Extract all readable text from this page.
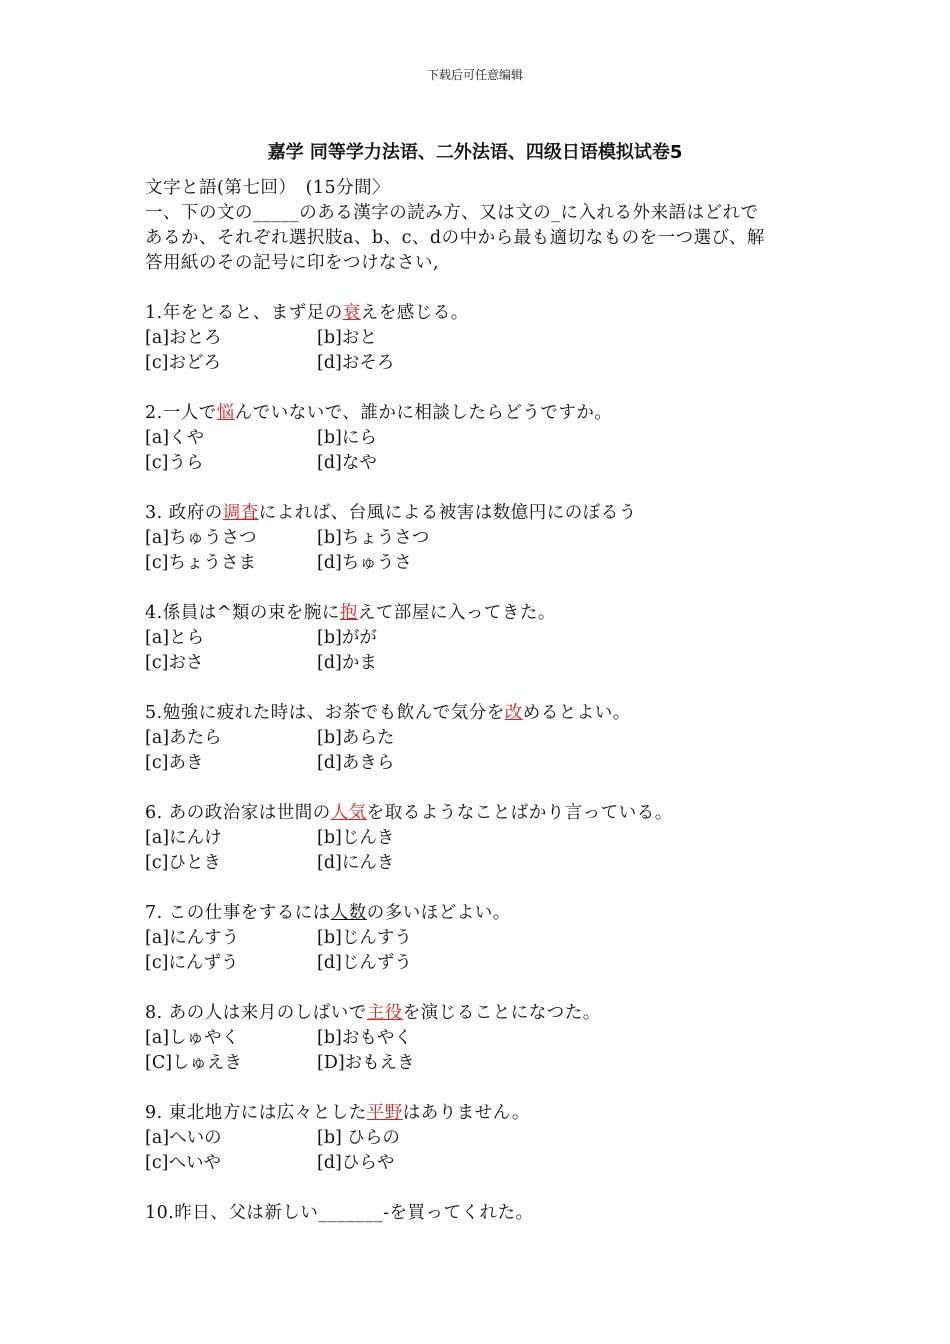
下载后可任意编辑
嘉学 同等学力法语、二外法语、四级日语模拟试卷5
文字と語(第七回）　(15分間〉
一、下の文の_____のある漢字の読み方、又は文の_に入れる外来語はどれで
あるか、それぞれ選択肢a、b、c、dの中から最も適切なものを一つ選び、解
答用紙のその記号に印をつけなさい,
1.年をとると、まず足の衰えを感じる。
[a]おとろ	[b]おと
[c]おどろ	[d]おそろ
2.一人で悩んでいないで、誰かに相談したらどうですか。
[a]くや	[b]にら
[c]うら	[d]なや
3. 政府の调査によれば、台風による被害は数億円にのぼるう
[a]ちゅうさつ	[b]ちょうさつ
[c]ちょうさま	[d]ちゅうさ
4.係員は^類の束を腕に抱えて部屋に入ってきた。
[a]とら	[b]がが
[c]おさ	[d]かま
5.勉強に疲れた時は、お茶でも飲んで気分を改めるとよい。
[a]あたら	[b]あらた
[c]あき	[d]あきら
6. あの政治家は世間の人気を取るようなことばかり言っている。
[a]にんけ	[b]じんき
[c]ひとき	[d]にんき
7. この仕事をするには人数の多いほどよい。
[a]にんすう	[b]じんすう
[c]にんずう	[d]じんずう
8. あの人は来月のしばいで主役を演じることになつた。
[a]しゅやく	[b]おもやく
[C]しゅえき	[D]おもえき
9. 東北地方には広々とした平野はありません。
[a]へいの	[b] ひらの
[c]へいや	[d]ひらや
10.昨日、父は新しい_______-を買ってくれた。
